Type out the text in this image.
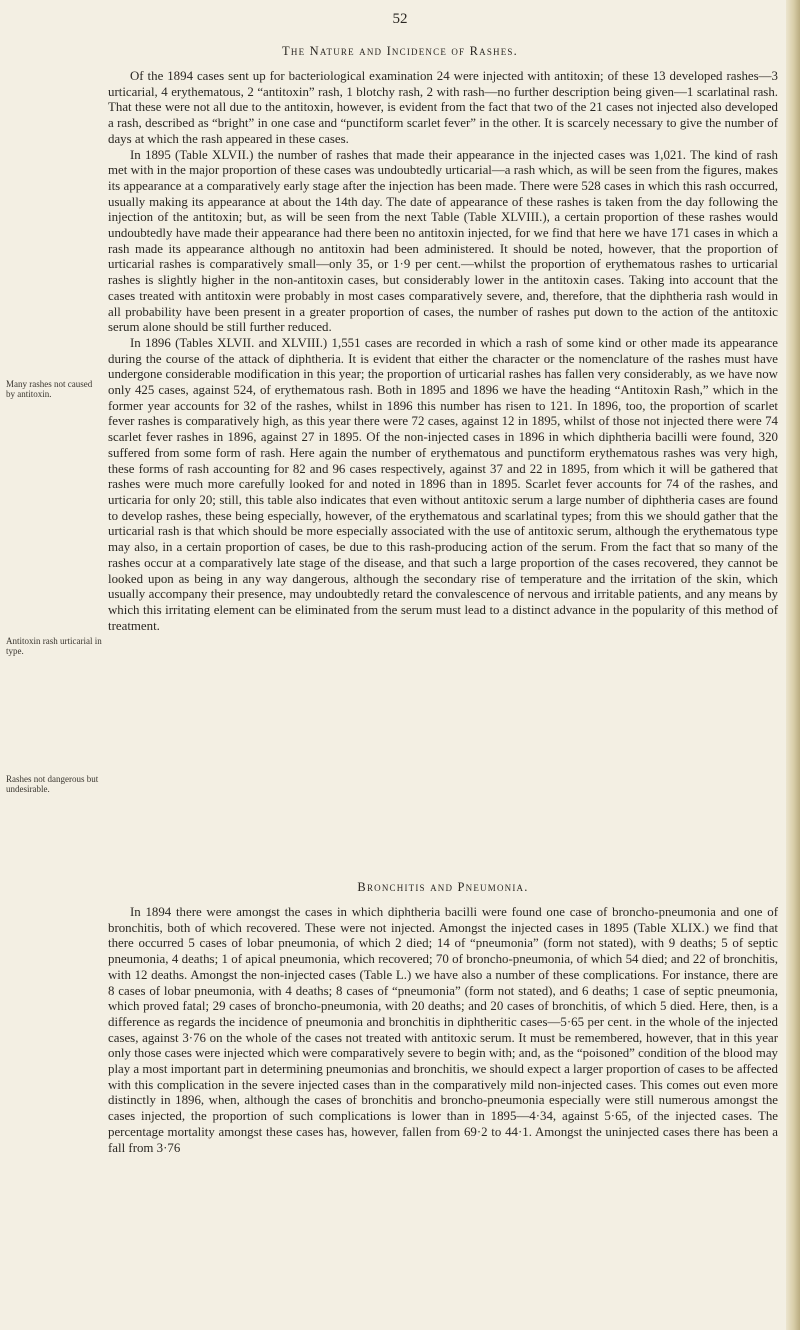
52
The Nature and Incidence of Rashes.
Many rashes not caused by antitoxin.
Antitoxin rash urticarial in type.
Rashes not dangerous but undesirable.

Of the 1894 cases sent up for bacteriological examination 24 were injected with antitoxin; of these 13 developed rashes—3 urticarial, 4 erythematous, 2 “antitoxin” rash, 1 blotchy rash, 2 with rash—no further description being given—1 scarlatinal rash. That these were not all due to the antitoxin, however, is evident from the fact that two of the 21 cases not injected also developed a rash, described as “bright” in one case and “punctiform scarlet fever” in the other. It is scarcely necessary to give the number of days at which the rash appeared in these cases.

In 1895 (Table XLVII.) the number of rashes that made their appearance in the injected cases was 1,021. The kind of rash met with in the major proportion of these cases was undoubtedly urticarial—a rash which, as will be seen from the figures, makes its appearance at a comparatively early stage after the injection has been made. There were 528 cases in which this rash occurred, usually making its appearance at about the 14th day. The date of appearance of these rashes is taken from the day following the injection of the antitoxin; but, as will be seen from the next Table (Table XLVIII.), a certain proportion of these rashes would undoubtedly have made their appearance had there been no antitoxin injected, for we find that here we have 171 cases in which a rash made its appearance although no antitoxin had been administered. It should be noted, however, that the proportion of urticarial rashes is comparatively small—only 35, or 1·9 per cent.—whilst the proportion of erythematous rashes to urticarial rashes is slightly higher in the non-antitoxin cases, but considerably lower in the antitoxin cases. Taking into account that the cases treated with antitoxin were probably in most cases comparatively severe, and, therefore, that the diphtheria rash would in all probability have been present in a greater proportion of cases, the number of rashes put down to the action of the antitoxic serum alone should be still further reduced.

In 1896 (Tables XLVII. and XLVIII.) 1,551 cases are recorded in which a rash of some kind or other made its appearance during the course of the attack of diphtheria. It is evident that either the character or the nomenclature of the rashes must have undergone considerable modification in this year; the proportion of urticarial rashes has fallen very considerably, as we have now only 425 cases, against 524, of erythematous rash. Both in 1895 and 1896 we have the heading “Antitoxin Rash,” which in the former year accounts for 32 of the rashes, whilst in 1896 this number has risen to 121. In 1896, too, the proportion of scarlet fever rashes is comparatively high, as this year there were 72 cases, against 12 in 1895, whilst of those not injected there were 74 scarlet fever rashes in 1896, against 27 in 1895. Of the non-injected cases in 1896 in which diphtheria bacilli were found, 320 suffered from some form of rash. Here again the number of erythematous and punctiform erythematous rashes was very high, these forms of rash accounting for 82 and 96 cases respectively, against 37 and 22 in 1895, from which it will be gathered that rashes were much more carefully looked for and noted in 1896 than in 1895. Scarlet fever accounts for 74 of the rashes, and urticaria for only 20; still, this table also indicates that even without antitoxic serum a large number of diphtheria cases are found to develop rashes, these being especially, however, of the erythematous and scarlatinal types; from this we should gather that the urticarial rash is that which should be more especially associated with the use of antitoxic serum, although the erythematous type may also, in a certain proportion of cases, be due to this rash-producing action of the serum. From the fact that so many of the rashes occur at a comparatively late stage of the disease, and that such a large proportion of the cases recovered, they cannot be looked upon as being in any way dangerous, although the secondary rise of temperature and the irritation of the skin, which usually accompany their presence, may undoubtedly retard the convalescence of nervous and irritable patients, and any means by which this irritating element can be eliminated from the serum must lead to a distinct advance in the popularity of this method of treatment.

Bronchitis and Pneumonia.

In 1894 there were amongst the cases in which diphtheria bacilli were found one case of broncho-pneumonia and one of bronchitis, both of which recovered. These were not injected. Amongst the injected cases in 1895 (Table XLIX.) we find that there occurred 5 cases of lobar pneumonia, of which 2 died; 14 of “pneumonia” (form not stated), with 9 deaths; 5 of septic pneumonia, 4 deaths; 1 of apical pneumonia, which recovered; 70 of broncho-pneumonia, of which 54 died; and 22 of bronchitis, with 12 deaths. Amongst the non-injected cases (Table L.) we have also a number of these complications. For instance, there are 8 cases of lobar pneumonia, with 4 deaths; 8 cases of “pneumonia” (form not stated), and 6 deaths; 1 case of septic pneumonia, which proved fatal; 29 cases of broncho-pneumonia, with 20 deaths; and 20 cases of bronchitis, of which 5 died. Here, then, is a difference as regards the incidence of pneumonia and bronchitis in diphtheritic cases—5·65 per cent. in the whole of the injected cases, against 3·76 on the whole of the cases not treated with antitoxic serum. It must be remembered, however, that in this year only those cases were injected which were comparatively severe to begin with; and, as the “poisoned” condition of the blood may play a most important part in determining pneumonias and bronchitis, we should expect a larger proportion of cases to be affected with this complication in the severe injected cases than in the comparatively mild non-injected cases. This comes out even more distinctly in 1896, when, although the cases of bronchitis and broncho-pneumonia especially were still numerous amongst the cases injected, the proportion of such complications is lower than in 1895—4·34, against 5·65, of the injected cases. The percentage mortality amongst these cases has, however, fallen from 69·2 to 44·1. Amongst the uninjected cases there has been a fall from 3·76
